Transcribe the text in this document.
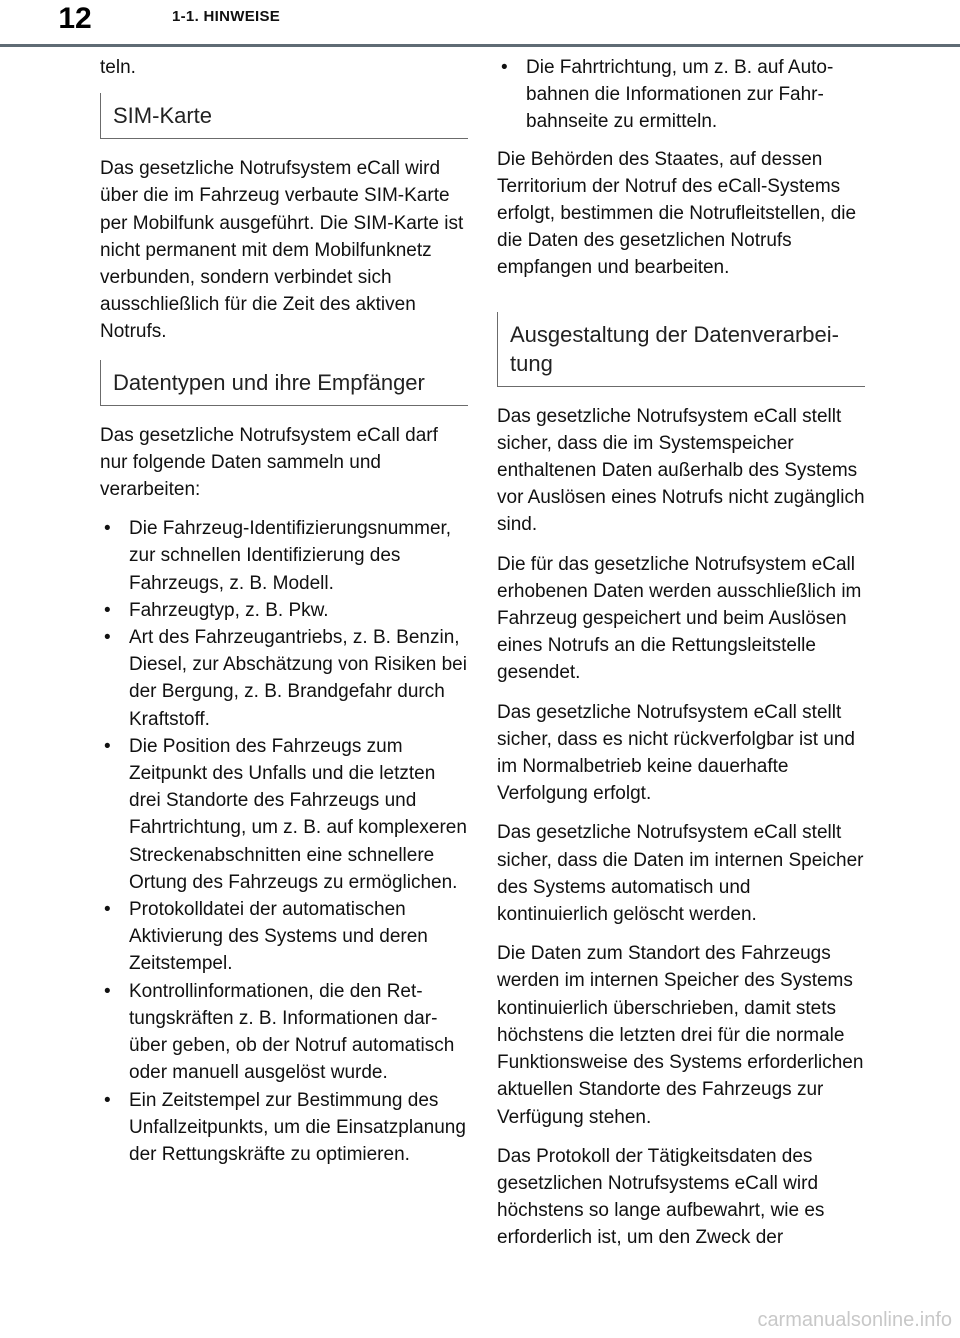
12	1-1. HINWEISE

teln.

SIM-Karte

Das gesetzliche Notrufsystem eCall wird über die im Fahrzeug verbaute SIM-Karte per Mobilfunk ausgeführt. Die SIM-Karte ist nicht permanent mit dem Mobilfunknetz verbunden, sondern verbindet sich ausschließlich für die Zeit des aktiven Notrufs.

Datentypen und ihre Empfänger

Das gesetzliche Notrufsystem eCall darf nur folgende Daten sammeln und verarbeiten:

• Die Fahrzeug-Identifizierungsnummer, zur schnellen Identifizierung des Fahrzeugs, z. B. Modell.
• Fahrzeugtyp, z. B. Pkw.
• Art des Fahrzeugantriebs, z. B. Benzin, Diesel, zur Abschätzung von Risiken bei der Bergung, z. B. Brandgefahr durch Kraftstoff.
• Die Position des Fahrzeugs zum Zeitpunkt des Unfalls und die letzten drei Standorte des Fahrzeugs und Fahrtrichtung, um z. B. auf komplexeren Streckenabschnitten eine schnellere Ortung des Fahrzeugs zu ermöglichen.
• Protokolldatei der automatischen Aktivierung des Systems und deren Zeitstempel.
• Kontrollinformationen, die den Rettungskräften z. B. Informationen darüber geben, ob der Notruf automatisch oder manuell ausgelöst wurde.
• Ein Zeitstempel zur Bestimmung des Unfallzeitpunkts, um die Einsatzplanung der Rettungskräfte zu optimieren.
• Die Fahrtrichtung, um z. B. auf Autobahnen die Informationen zur Fahrbahnseite zu ermitteln.

Die Behörden des Staates, auf dessen Territorium der Notruf des eCall-Systems erfolgt, bestimmen die Notrufleitstellen, die die Daten des gesetzlichen Notrufs empfangen und bearbeiten.

Ausgestaltung der Datenverarbeitung

Das gesetzliche Notrufsystem eCall stellt sicher, dass die im Systemspeicher enthaltenen Daten außerhalb des Systems vor Auslösen eines Notrufs nicht zugänglich sind.

Die für das gesetzliche Notrufsystem eCall erhobenen Daten werden ausschließlich im Fahrzeug gespeichert und beim Auslösen eines Notrufs an die Rettungsleitstelle gesendet.

Das gesetzliche Notrufsystem eCall stellt sicher, dass es nicht rückverfolgbar ist und im Normalbetrieb keine dauerhafte Verfolgung erfolgt.

Das gesetzliche Notrufsystem eCall stellt sicher, dass die Daten im internen Speicher des Systems automatisch und kontinuierlich gelöscht werden.

Die Daten zum Standort des Fahrzeugs werden im internen Speicher des Systems kontinuierlich überschrieben, damit stets höchstens die letzten drei für die normale Funktionsweise des Systems erforderlichen aktuellen Standorte des Fahrzeugs zur Verfügung stehen.

Das Protokoll der Tätigkeitsdaten des gesetzlichen Notrufsystems eCall wird höchstens so lange aufbewahrt, wie es erforderlich ist, um den Zweck der

carmanualsonline.info
